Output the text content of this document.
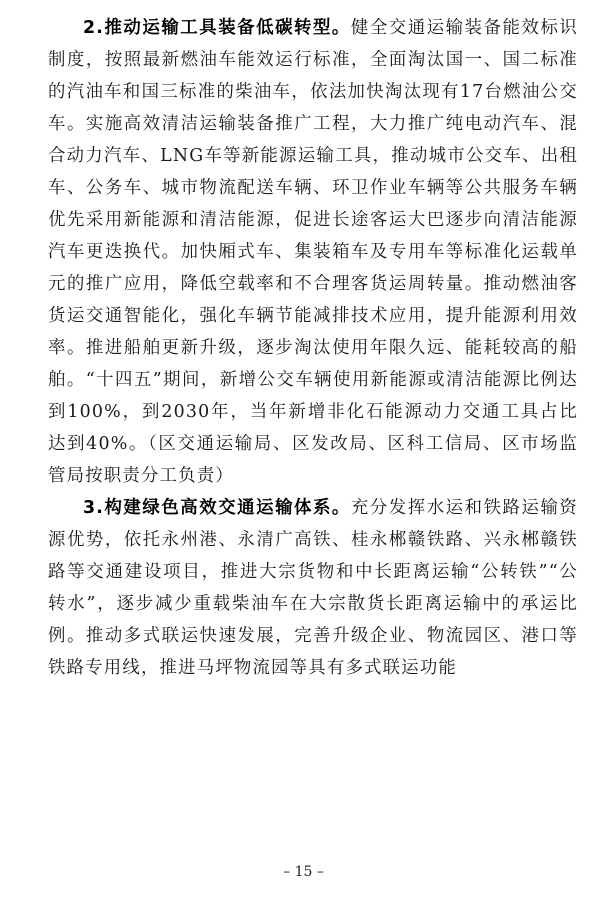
2.推动运输工具装备低碳转型。健全交通运输装备能效标识制度，按照最新燃油车能效运行标准，全面淘汰国一、国二标准的汽油车和国三标准的柴油车，依法加快淘汰现有17台燃油公交车。实施高效清洁运输装备推广工程，大力推广纯电动汽车、混合动力汽车、LNG车等新能源运输工具，推动城市公交车、出租车、公务车、城市物流配送车辆、环卫作业车辆等公共服务车辆优先采用新能源和清洁能源，促进长途客运大巴逐步向清洁能源汽车更迭换代。加快厢式车、集装箱车及专用车等标准化运载单元的推广应用，降低空载率和不合理客货运周转量。推动燃油客货运交通智能化，强化车辆节能减排技术应用，提升能源利用效率。推进船舶更新升级，逐步淘汰使用年限久远、能耗较高的船舶。“十四五”期间，新增公交车辆使用新能源或清洁能源比例达到100%，到2030年，当年新增非化石能源动力交通工具占比达到40%。（区交通运输局、区发改局、区科工信局、区市场监管局按职责分工负责）

3.构建绿色高效交通运输体系。充分发挥水运和铁路运输资源优势，依托永州港、永清广高铁、桂永郴赣铁路、兴永郴赣铁路等交通建设项目，推进大宗货物和中长距离运输“公转铁”“公转水”，逐步减少重载柴油车在大宗散货长距离运输中的承运比例。推动多式联运快速发展，完善升级企业、物流园区、港口等铁路专用线，推进马坪物流园等具有多式联运功能

– 15 –
